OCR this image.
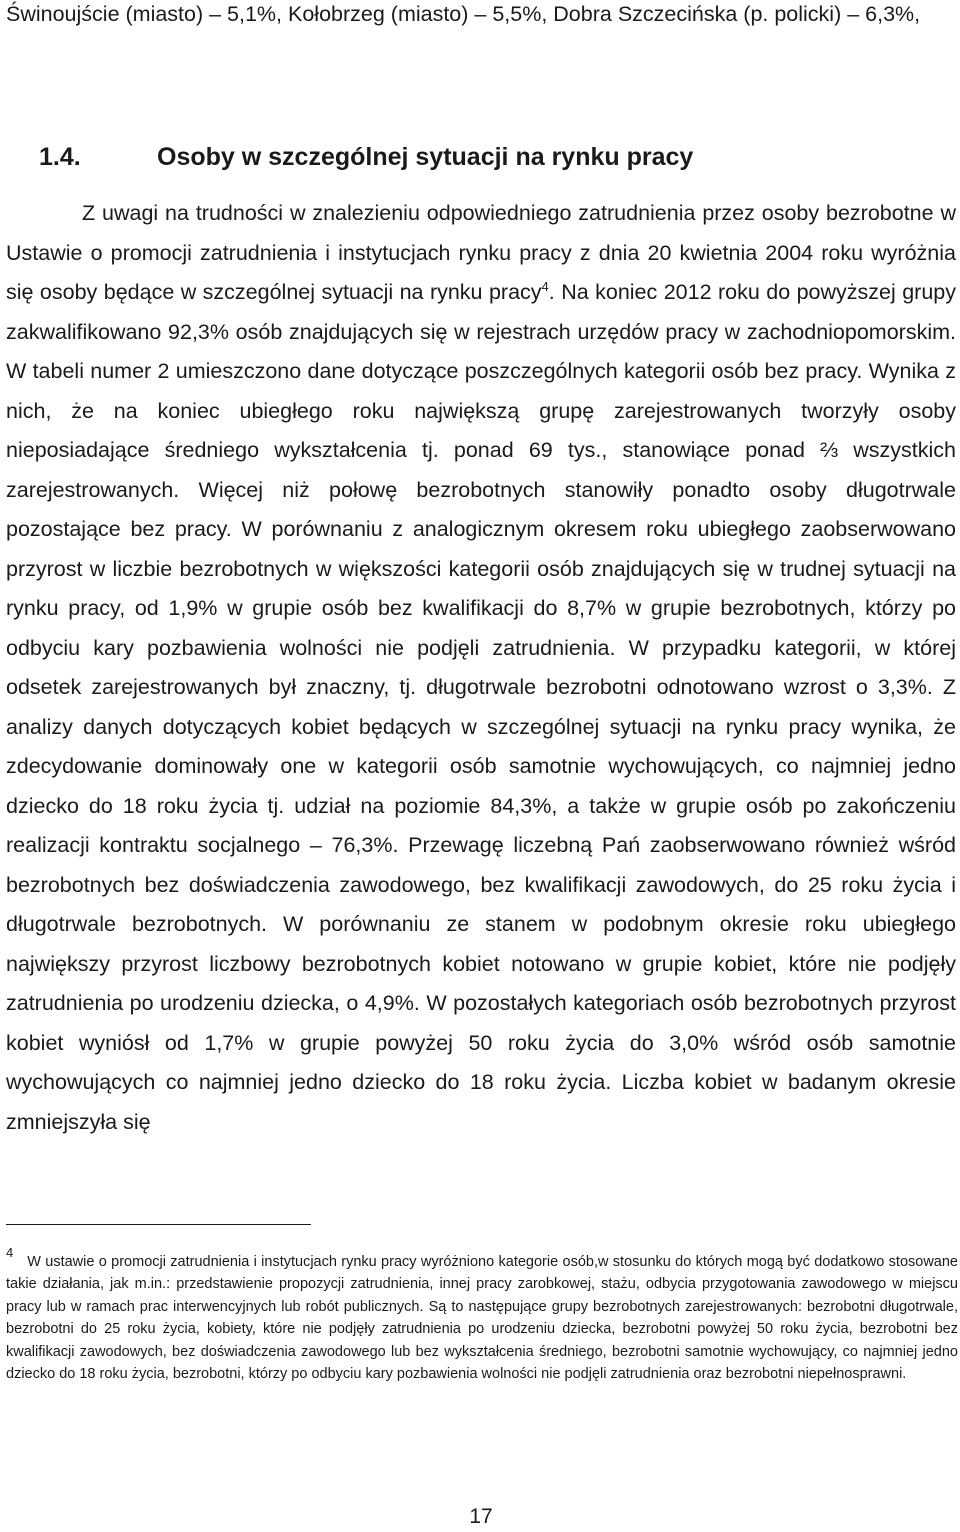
Świnoujście (miasto) – 5,1%, Kołobrzeg (miasto) – 5,5%, Dobra Szczecińska (p. policki) – 6,3%,

1.4.	Osoby w szczególnej sytuacji na rynku pracy

Z uwagi na trudności w znalezieniu odpowiedniego zatrudnienia przez osoby bezrobotne w Ustawie o promocji zatrudnienia i instytucjach rynku pracy z dnia 20 kwietnia 2004 roku wyróżnia się osoby będące w szczególnej sytuacji na rynku pracy$^4$. Na koniec 2012 roku do powyższej grupy zakwalifikowano 92,3% osób znajdujących się w rejestrach urzędów pracy w zachodniopomorskim. W tabeli numer 2 umieszczono dane dotyczące poszczególnych kategorii osób bez pracy. Wynika z nich, że na koniec ubiegłego roku największą grupę zarejestrowanych tworzyły osoby nieposiadające średniego wykształcenia tj. ponad 69 tys., stanowiące ponad ⅔ wszystkich zarejestrowanych. Więcej niż połowę bezrobotnych stanowiły ponadto osoby długotrwale pozostające bez pracy. W porównaniu z analogicznym okresem roku ubiegłego zaobserwowano przyrost w liczbie bezrobotnych w większości kategorii osób znajdujących się w trudnej sytuacji na rynku pracy, od 1,9% w grupie osób bez kwalifikacji do 8,7% w grupie bezrobotnych, którzy po odbyciu kary pozbawienia wolności nie podjęli zatrudnienia. W przypadku kategorii, w której odsetek zarejestrowanych był znaczny, tj. długotrwale bezrobotni odnotowano wzrost o 3,3%. Z analizy danych dotyczących kobiet będących w szczególnej sytuacji na rynku pracy wynika, że zdecydowanie dominowały one w kategorii osób samotnie wychowujących, co najmniej jedno dziecko do 18 roku życia tj. udział na poziomie 84,3%, a także w grupie osób po zakończeniu realizacji kontraktu socjalnego – 76,3%. Przewagę liczebną Pań zaobserwowano również wśród bezrobotnych bez doświadczenia zawodowego, bez kwalifikacji zawodowych, do 25 roku życia i długotrwale bezrobotnych. W porównaniu ze stanem w podobnym okresie roku ubiegłego największy przyrost liczbowy bezrobotnych kobiet notowano w grupie kobiet, które nie podjęły zatrudnienia po urodzeniu dziecka, o 4,9%. W pozostałych kategoriach osób bezrobotnych przyrost kobiet wyniósł od 1,7% w grupie powyżej 50 roku życia do 3,0% wśród osób samotnie wychowujących co najmniej jedno dziecko do 18 roku życia. Liczba kobiet w badanym okresie zmniejszyła się

4W ustawie o promocji zatrudnienia i instytucjach rynku pracy wyróżniono kategorie osób,w stosunku do których mogą być dodatkowo stosowane takie działania, jak m.in.: przedstawienie propozycji zatrudnienia, innej pracy zarobkowej, stażu, odbycia przygotowania zawodowego w miejscu pracy lub w ramach prac interwencyjnych lub robót publicznych. Są to następujące grupy bezrobotnych zarejestrowanych: bezrobotni długotrwale, bezrobotni do 25 roku życia, kobiety, które nie podjęły zatrudnienia po urodzeniu dziecka, bezrobotni powyżej 50 roku życia, bezrobotni bez kwalifikacji zawodowych, bez doświadczenia zawodowego lub bez wykształcenia średniego, bezrobotni samotnie wychowujący, co najmniej jedno dziecko do 18 roku życia, bezrobotni, którzy po odbyciu kary pozbawienia wolności nie podjęli zatrudnienia oraz bezrobotni niepełnosprawni.

17
